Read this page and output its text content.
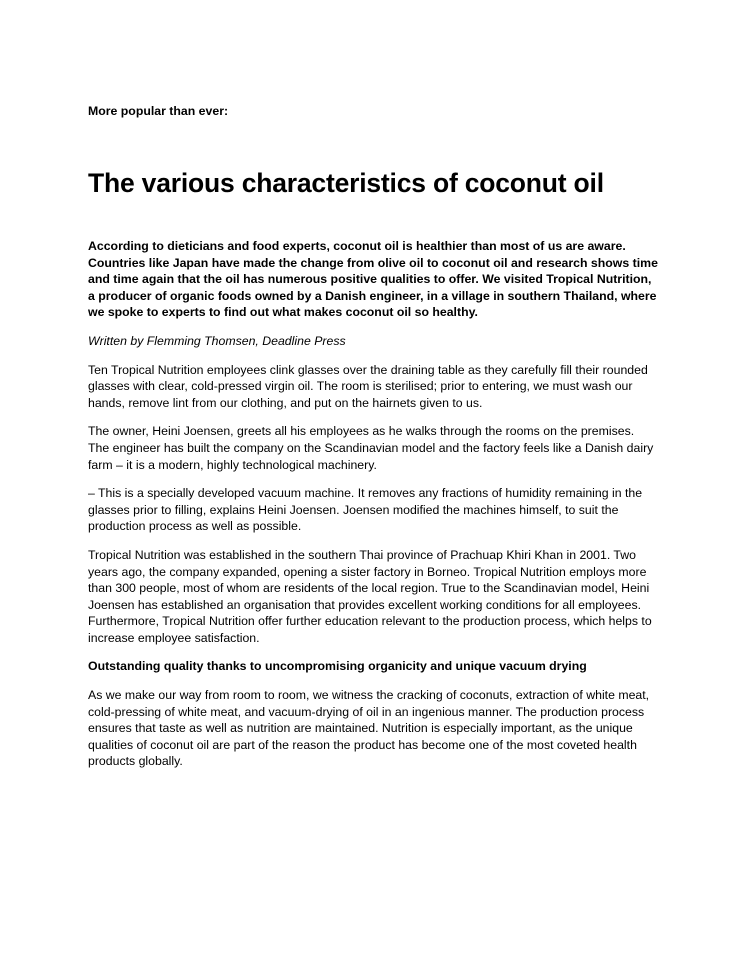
More popular than ever:

The various characteristics of coconut oil

According to dieticians and food experts, coconut oil is healthier than most of us are aware. Countries like Japan have made the change from olive oil to coconut oil and research shows time and time again that the oil has numerous positive qualities to offer. We visited Tropical Nutrition, a producer of organic foods owned by a Danish engineer, in a village in southern Thailand, where we spoke to experts to find out what makes coconut oil so healthy.

Written by Flemming Thomsen, Deadline Press

Ten Tropical Nutrition employees clink glasses over the draining table as they carefully fill their rounded glasses with clear, cold-pressed virgin oil. The room is sterilised; prior to entering, we must wash our hands, remove lint from our clothing, and put on the hairnets given to us.

The owner, Heini Joensen, greets all his employees as he walks through the rooms on the premises. The engineer has built the company on the Scandinavian model and the factory feels like a Danish dairy farm – it is a modern, highly technological machinery.

– This is a specially developed vacuum machine. It removes any fractions of humidity remaining in the glasses prior to filling, explains Heini Joensen. Joensen modified the machines himself, to suit the production process as well as possible.

Tropical Nutrition was established in the southern Thai province of Prachuap Khiri Khan in 2001. Two years ago, the company expanded, opening a sister factory in Borneo. Tropical Nutrition employs more than 300 people, most of whom are residents of the local region. True to the Scandinavian model, Heini Joensen has established an organisation that provides excellent working conditions for all employees. Furthermore, Tropical Nutrition offer further education relevant to the production process, which helps to increase employee satisfaction.

Outstanding quality thanks to uncompromising organicity and unique vacuum drying

As we make our way from room to room, we witness the cracking of coconuts, extraction of white meat, cold-pressing of white meat, and vacuum-drying of oil in an ingenious manner. The production process ensures that taste as well as nutrition are maintained. Nutrition is especially important, as the unique qualities of coconut oil are part of the reason the product has become one of the most coveted health products globally.
